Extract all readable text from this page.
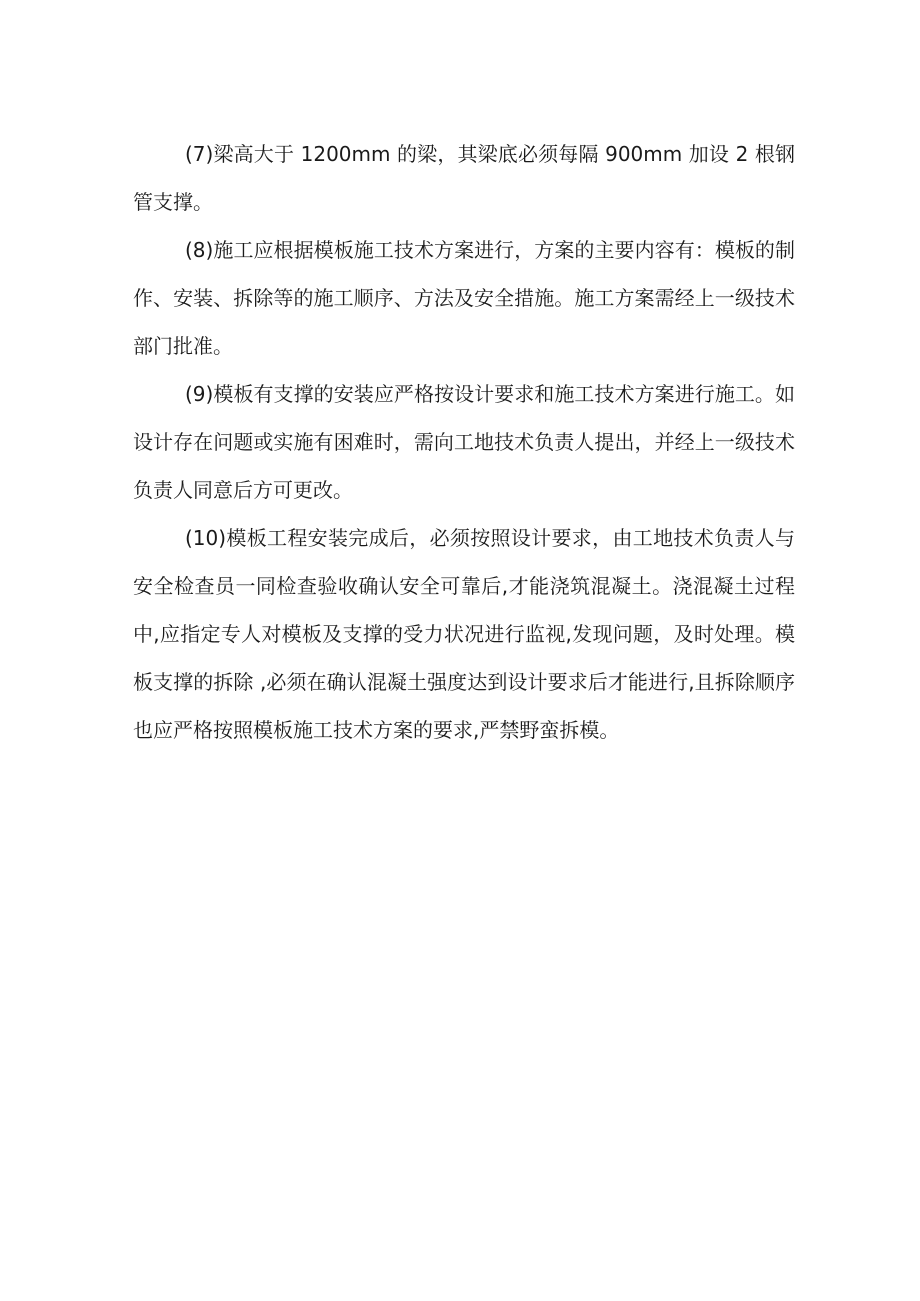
(7)梁高大于 1200mm 的梁，其梁底必须每隔 900mm 加设 2 根钢管支撑。

(8)施工应根据模板施工技术方案进行，方案的主要内容有：模板的制作、安装、拆除等的施工顺序、方法及安全措施。施工方案需经上一级技术部门批准。

(9)模板有支撑的安装应严格按设计要求和施工技术方案进行施工。如设计存在问题或实施有困难时，需向工地技术负责人提出，并经上一级技术负责人同意后方可更改。

(10)模板工程安装完成后，必须按照设计要求，由工地技术负责人与安全检查员一同检查验收确认安全可靠后,才能浇筑混凝土。浇混凝土过程中,应指定专人对模板及支撑的受力状况进行监视,发现问题，及时处理。模板支撑的拆除 ,必须在确认混凝土强度达到设计要求后才能进行,且拆除顺序也应严格按照模板施工技术方案的要求,严禁野蛮拆模。
